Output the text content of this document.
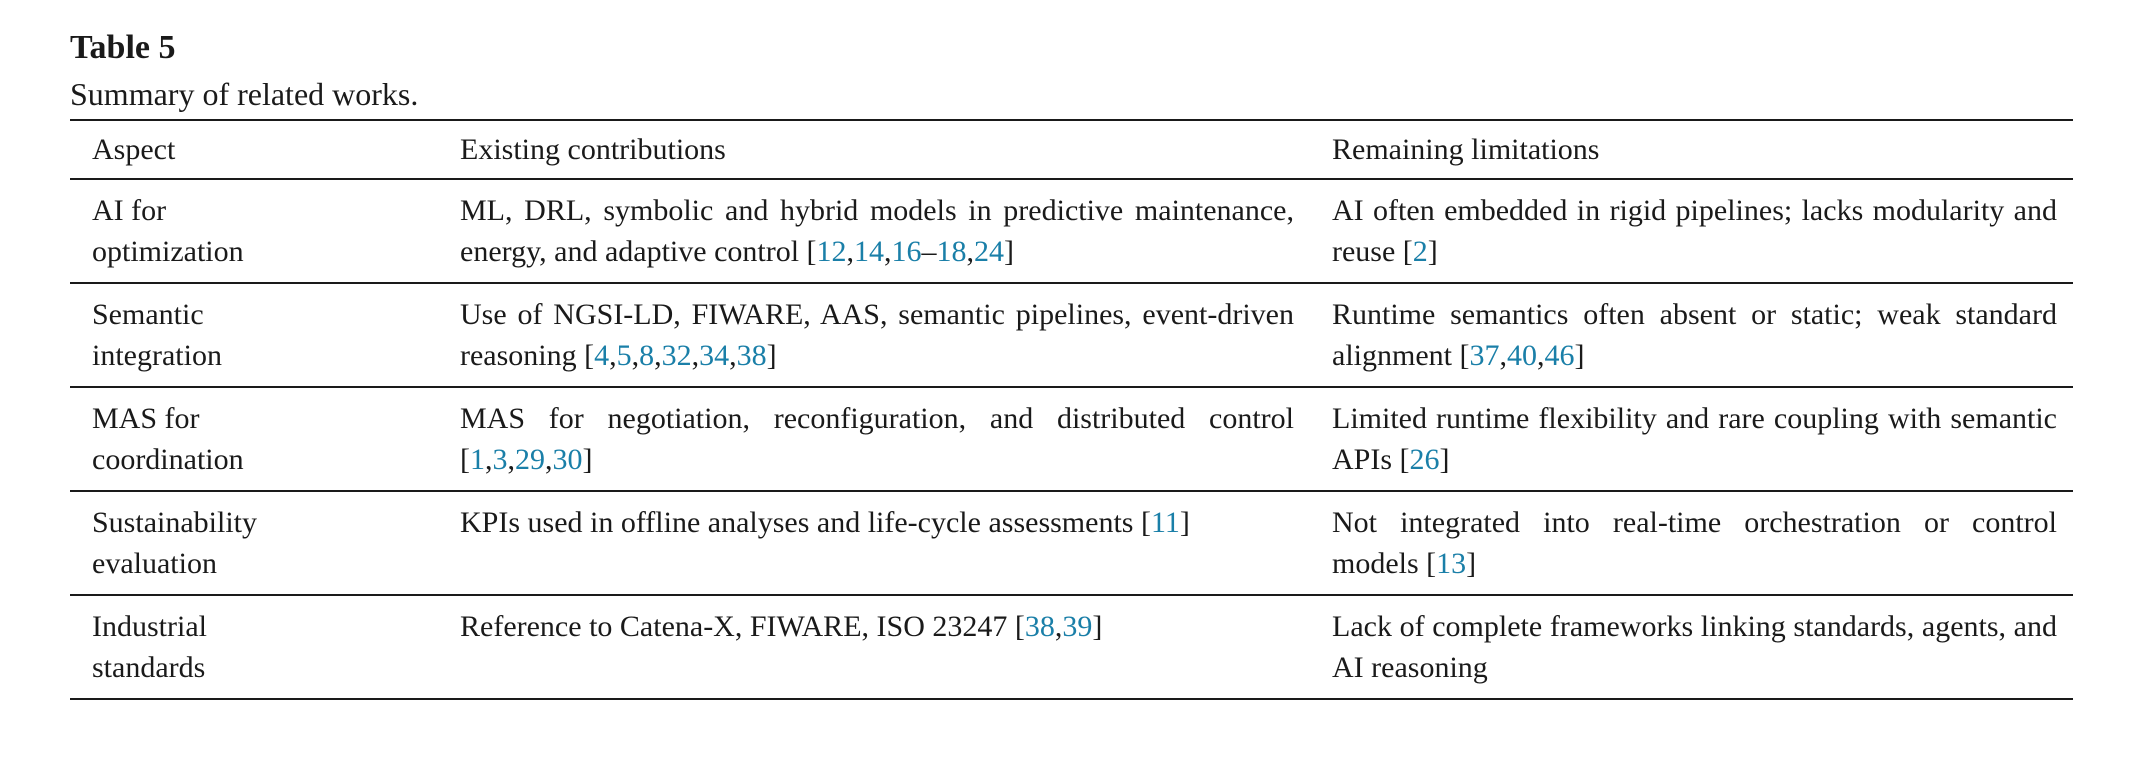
Table 5
Summary of related works.
Aspect	Existing contributions	Remaining limitations
AI for
optimization	ML, DRL, symbolic and hybrid models in predictive maintenance, energy, and adaptive control [12,14,16–18,24]	AI often embedded in rigid pipelines; lacks modularity and reuse [2]
Semantic
integration	Use of NGSI-LD, FIWARE, AAS, semantic pipelines, event-driven reasoning [4,5,8,32,34,38]	Runtime semantics often absent or static; weak standard alignment [37,40,46]
MAS for
coordination	MAS for negotiation, reconfiguration, and distributed control [1,3,29,30]	Limited runtime flexibility and rare coupling with semantic APIs [26]
Sustainability
evaluation	KPIs used in offline analyses and life-cycle assessments [11]	Not integrated into real-time orchestration or control models [13]
Industrial
standards	Reference to Catena-X, FIWARE, ISO 23247 [38,39]	Lack of complete frameworks linking standards, agents, and AI reasoning
